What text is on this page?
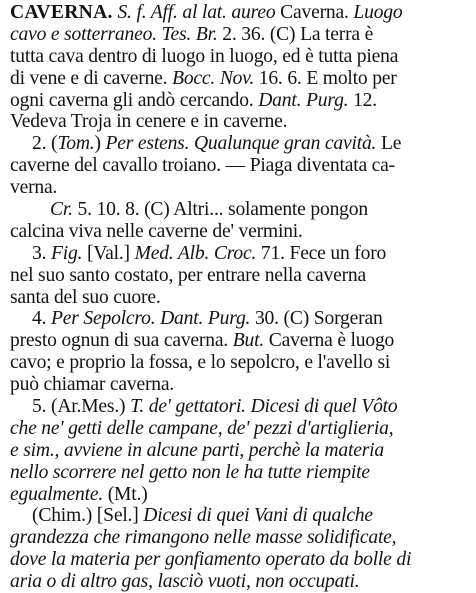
CAVERNA. S. f. Aff. al lat. aureo Caverna. Luogo
cavo e sotterraneo. Tes. Br. 2. 36. (C) La terra è
tutta cava dentro di luogo in luogo, ed è tutta piena
di vene e di caverne. Bocc. Nov. 16. 6. E molto per
ogni caverna gli andò cercando. Dant. Purg. 12.
Vedeva Troja in cenere e in caverne.
2. (Tom.) Per estens. Qualunque gran cavità. Le
caverne del cavallo troiano. — Piaga diventata ca-
verna.
Cr. 5. 10. 8. (C) Altri... solamente pongon
calcina viva nelle caverne de' vermini.
3. Fig. [Val.] Med. Alb. Croc. 71. Fece un foro
nel suo santo costato, per entrare nella caverna
santa del suo cuore.
4. Per Sepolcro. Dant. Purg. 30. (C) Sorgeran
presto ognun di sua caverna. But. Caverna è luogo
cavo; e proprio la fossa, e lo sepolcro, e l'avello si
può chiamar caverna.
5. (Ar.Mes.) T. de' gettatori. Dicesi di quel Vôto
che ne' getti delle campane, de' pezzi d'artiglieria,
e sim., avviene in alcune parti, perchè la materia
nello scorrere nel getto non le ha tutte riempite
egualmente. (Mt.)
(Chim.) [Sel.] Dicesi di quei Vani di qualche
grandezza che rimangono nelle masse solidificate,
dove la materia per gonfiamento operato da bolle di
aria o di altro gas, lasciò vuoti, non occupati.
